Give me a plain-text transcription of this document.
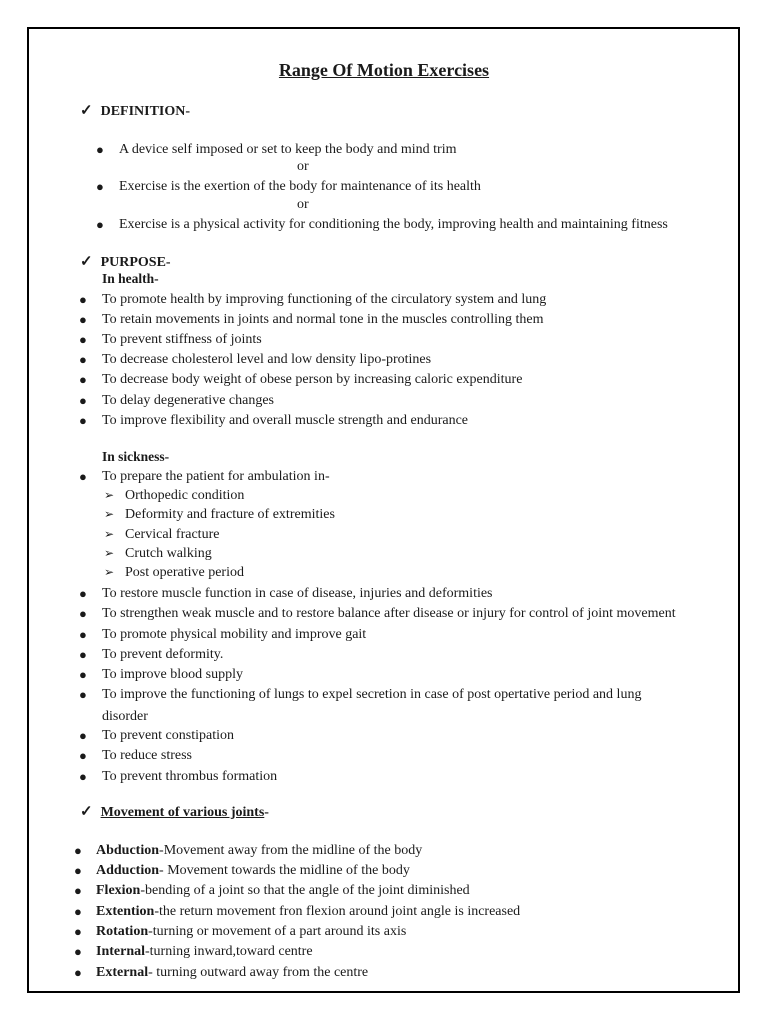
Range Of Motion Exercises
✓ DEFINITION-
● A device self imposed or set to keep the body and mind trim

or

● Exercise is the exertion of the body for maintenance of its health

or

● Exercise is a physical activity for conditioning the body, improving health and maintaining fitness

✓ PURPOSE-

In health-

● To promote health by improving functioning of the circulatory system and lung

● To retain movements in joints and normal tone in the muscles controlling them

● To prevent stiffness of joints

● To decrease cholesterol level and low density lipo-protines

● To decrease body weight of obese person by increasing caloric expenditure

● To delay degenerative changes

● To improve flexibility and overall muscle strength and endurance

In sickness-

● To prepare the patient for ambulation in-

➢ Orthopedic condition

➢ Deformity and fracture of extremities

➢ Cervical fracture

➢ Crutch walking

➢ Post operative period

● To restore muscle function in case of disease, injuries and deformities

● To strengthen weak muscle and to restore balance after disease or injury for control of joint movement

● To promote physical mobility and improve gait

● To prevent deformity.

● To improve blood supply

● To improve the functioning of lungs to expel secretion in case of post opertative period and lung

disorder

● To prevent constipation

● To reduce stress

● To prevent thrombus formation

✓ Movement of various joints-
● Abduction-Movement away from the midline of the body

● Adduction- Movement towards the midline of the body

● Flexion-bending of a joint so that the angle of the joint diminished

● Extention-the return movement fron flexion around joint angle is increased

● Rotation-turning or movement of a part around its axis

● Internal-turning inward,toward centre

● External- turning outward away from the centre
